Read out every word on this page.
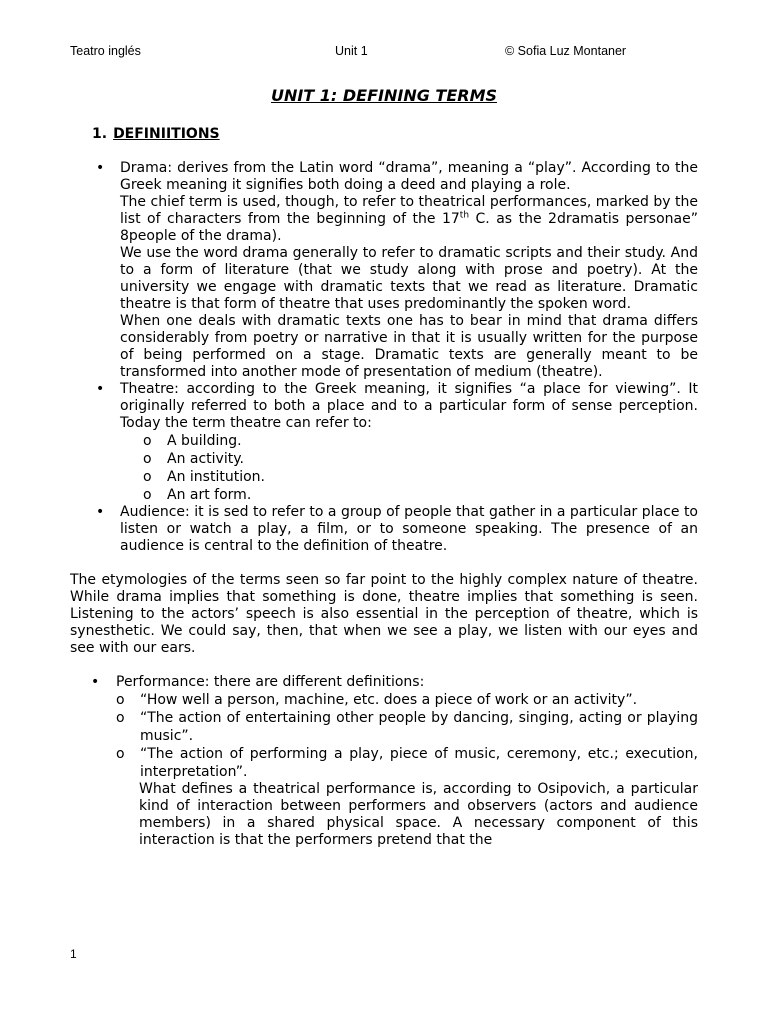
Teatro inglés	Unit 1	© Sofia Luz Montaner
UNIT 1: DEFINING TERMS
1. DEFINIITIONS

• Drama: derives from the Latin word “drama”, meaning a “play”. According to the Greek meaning it signifies both doing a deed and playing a role.

The chief term is used, though, to refer to theatrical performances, marked by the list of characters from the beginning of the 17th C. as the 2dramatis personae” 8people of the drama).

We use the word drama generally to refer to dramatic scripts and their study. And to a form of literature (that we study along with prose and poetry). At the university we engage with dramatic texts that we read as literature. Dramatic theatre is that form of theatre that uses predominantly the spoken word.

When one deals with dramatic texts one has to bear in mind that drama differs considerably from poetry or narrative in that it is usually written for the purpose of being performed on a stage. Dramatic texts are generally meant to be transformed into another mode of presentation of medium (theatre).

• Theatre: according to the Greek meaning, it signifies “a place for viewing”. It originally referred to both a place and to a particular form of sense perception. Today the term theatre can refer to:

o A building.
o An activity.
o An institution.
o An art form.

• Audience: it is sed to refer to a group of people that gather in a particular place to listen or watch a play, a film, or to someone speaking. The presence of an audience is central to the definition of theatre.

The etymologies of the terms seen so far point to the highly complex nature of theatre. While drama implies that something is done, theatre implies that something is seen. Listening to the actors’ speech is also essential in the perception of theatre, which is synesthetic. We could say, then, that when we see a play, we listen with our eyes and see with our ears.

• Performance: there are different definitions:

o “How well a person, machine, etc. does a piece of work or an activity”.
o “The action of entertaining other people by dancing, singing, acting or playing music”.
o “The action of performing a play, piece of music, ceremony, etc.; execution, interpretation”.

What defines a theatrical performance is, according to Osipovich, a particular kind of interaction between performers and observers (actors and audience members) in a shared physical space. A necessary component of this interaction is that the performers pretend that the

1
